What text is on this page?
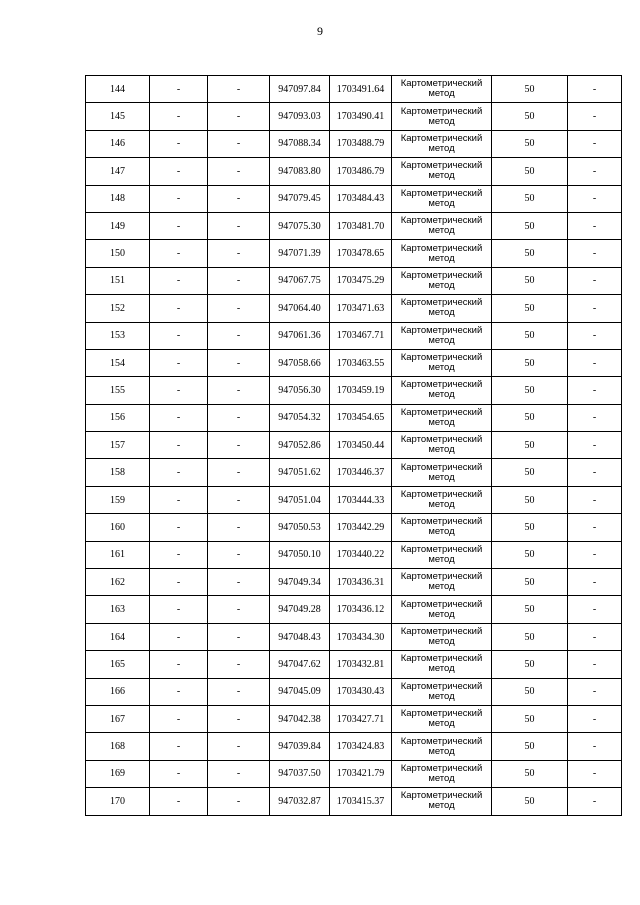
9
144	-	-	947097.84	1703491.64	Картометрический
метод	50	-
145	-	-	947093.03	1703490.41	Картометрический
метод	50	-
146	-	-	947088.34	1703488.79	Картометрический
метод	50	-
147	-	-	947083.80	1703486.79	Картометрический
метод	50	-
148	-	-	947079.45	1703484.43	Картометрический
метод	50	-
149	-	-	947075.30	1703481.70	Картометрический
метод	50	-
150	-	-	947071.39	1703478.65	Картометрический
метод	50	-
151	-	-	947067.75	1703475.29	Картометрический
метод	50	-
152	-	-	947064.40	1703471.63	Картометрический
метод	50	-
153	-	-	947061.36	1703467.71	Картометрический
метод	50	-
154	-	-	947058.66	1703463.55	Картометрический
метод	50	-
155	-	-	947056.30	1703459.19	Картометрический
метод	50	-
156	-	-	947054.32	1703454.65	Картометрический
метод	50	-
157	-	-	947052.86	1703450.44	Картометрический
метод	50	-
158	-	-	947051.62	1703446.37	Картометрический
метод	50	-
159	-	-	947051.04	1703444.33	Картометрический
метод	50	-
160	-	-	947050.53	1703442.29	Картометрический
метод	50	-
161	-	-	947050.10	1703440.22	Картометрический
метод	50	-
162	-	-	947049.34	1703436.31	Картометрический
метод	50	-
163	-	-	947049.28	1703436.12	Картометрический
метод	50	-
164	-	-	947048.43	1703434.30	Картометрический
метод	50	-
165	-	-	947047.62	1703432.81	Картометрический
метод	50	-
166	-	-	947045.09	1703430.43	Картометрический
метод	50	-
167	-	-	947042.38	1703427.71	Картометрический
метод	50	-
168	-	-	947039.84	1703424.83	Картометрический
метод	50	-
169	-	-	947037.50	1703421.79	Картометрический
метод	50	-
170	-	-	947032.87	1703415.37	Картометрический
метод	50	-
